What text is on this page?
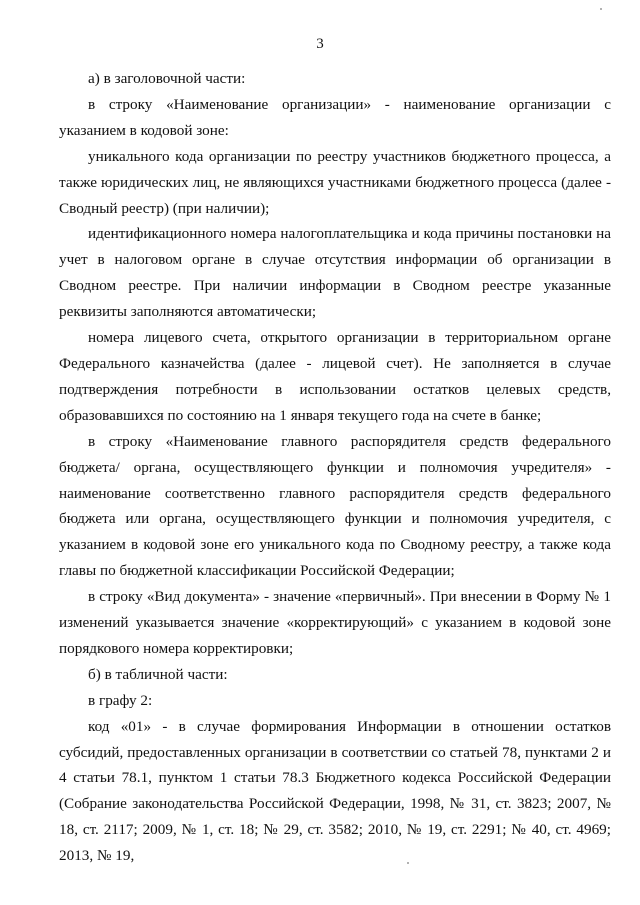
3

а) в заголовочной части:

в строку «Наименование организации» - наименование организации с указанием в кодовой зоне:

уникального кода организации по реестру участников бюджетного процесса, а также юридических лиц, не являющихся участниками бюджетного процесса (далее - Сводный реестр) (при наличии);

идентификационного номера налогоплательщика и кода причины постановки на учет в налоговом органе в случае отсутствия информации об организации в Сводном реестре. При наличии информации в Сводном реестре указанные реквизиты заполняются автоматически;

номера лицевого счета, открытого организации в территориальном органе Федерального казначейства (далее - лицевой счет). Не заполняется в случае подтверждения потребности в использовании остатков целевых средств, образовавшихся по состоянию на 1 января текущего года на счете в банке;

в строку «Наименование главного распорядителя средств федерального бюджета/ органа, осуществляющего функции и полномочия учредителя» - наименование соответственно главного распорядителя средств федерального бюджета или органа, осуществляющего функции и полномочия учредителя, с указанием в кодовой зоне его уникального кода по Сводному реестру, а также кода главы по бюджетной классификации Российской Федерации;

в строку «Вид документа» - значение «первичный». При внесении в Форму № 1 изменений указывается значение «корректирующий» с указанием в кодовой зоне порядкового номера корректировки;

б) в табличной части:

в графу 2:

код «01» - в случае формирования Информации в отношении остатков субсидий, предоставленных организации в соответствии со статьей 78, пунктами 2 и 4 статьи 78.1, пунктом 1 статьи 78.3 Бюджетного кодекса Российской Федерации (Собрание законодательства Российской Федерации, 1998, № 31, ст. 3823; 2007, № 18, ст. 2117; 2009, № 1, ст. 18; № 29, ст. 3582; 2010, № 19, ст. 2291; № 40, ст. 4969; 2013, № 19,
